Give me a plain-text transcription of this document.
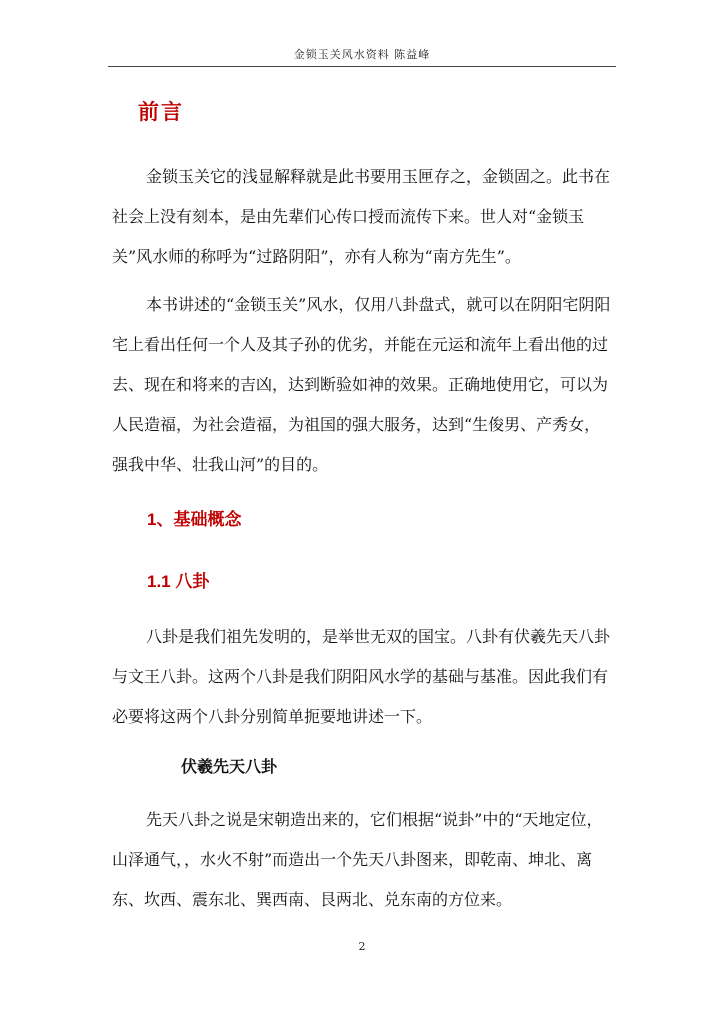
金锁玉关风水资料 陈益峰
前言

金锁玉关它的浅显解释就是此书要用玉匣存之，金锁固之。此书在社会上没有刻本，是由先辈们心传口授而流传下来。世人对“金锁玉关”风水师的称呼为“过路阴阳”，亦有人称为“南方先生”。

本书讲述的“金锁玉关”风水，仅用八卦盘式，就可以在阴阳宅阴阳宅上看出任何一个人及其子孙的优劣，并能在元运和流年上看出他的过去、现在和将来的吉凶，达到断验如神的效果。正确地使用它，可以为人民造福，为社会造福，为祖国的强大服务，达到“生俊男、产秀女，强我中华、壮我山河”的目的。

1、基础概念
1.1 八卦

八卦是我们祖先发明的，是举世无双的国宝。八卦有伏羲先天八卦与文王八卦。这两个八卦是我们阴阳风水学的基础与基准。因此我们有必要将这两个八卦分别简单扼要地讲述一下。

伏羲先天八卦

先天八卦之说是宋朝造出来的，它们根据“说卦”中的“天地定位，山泽通气，，水火不射”而造出一个先天八卦图来，即乾南、坤北、离东、坎西、震东北、巽西南、艮两北、兑东南的方位来。

2
